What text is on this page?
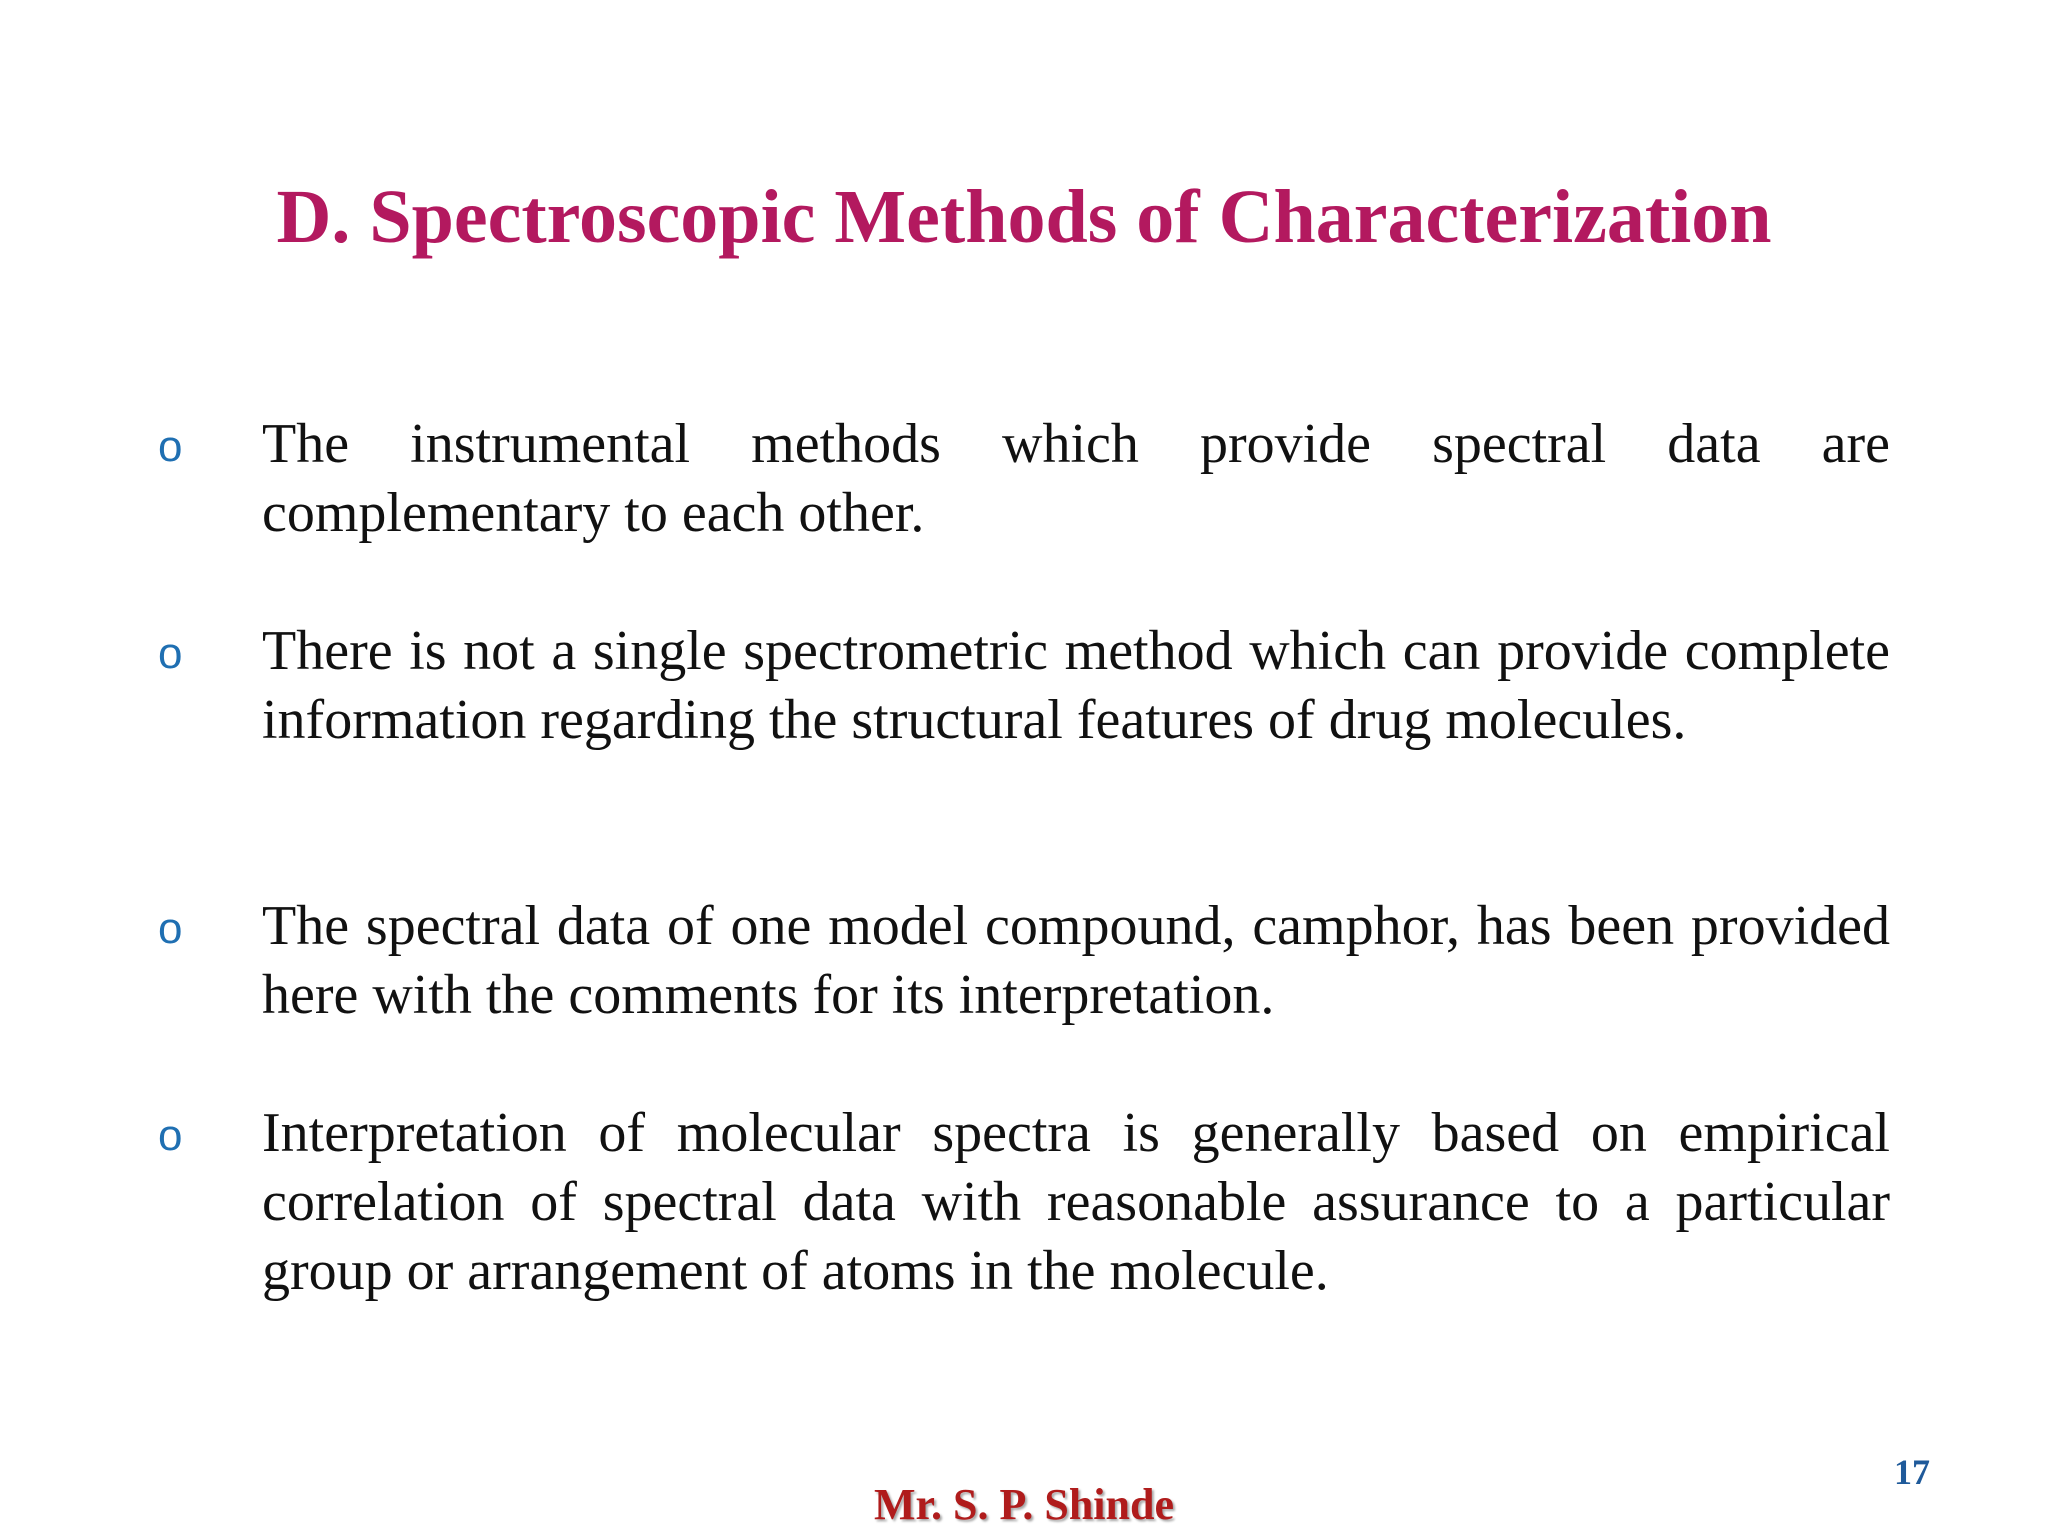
D. Spectroscopic Methods of Characterization
o The instrumental methods which provide spectral data are complementary to each other.
o There is not a single spectrometric method which can provide complete information regarding the structural features of drug molecules.
o The spectral data of one model compound, camphor, has been provided here with the comments for its interpretation.
o Interpretation of molecular spectra is generally based on empirical correlation of spectral data with reasonable assurance to a particular group or arrangement of atoms in the molecule.
Mr. S. P. Shinde
17
